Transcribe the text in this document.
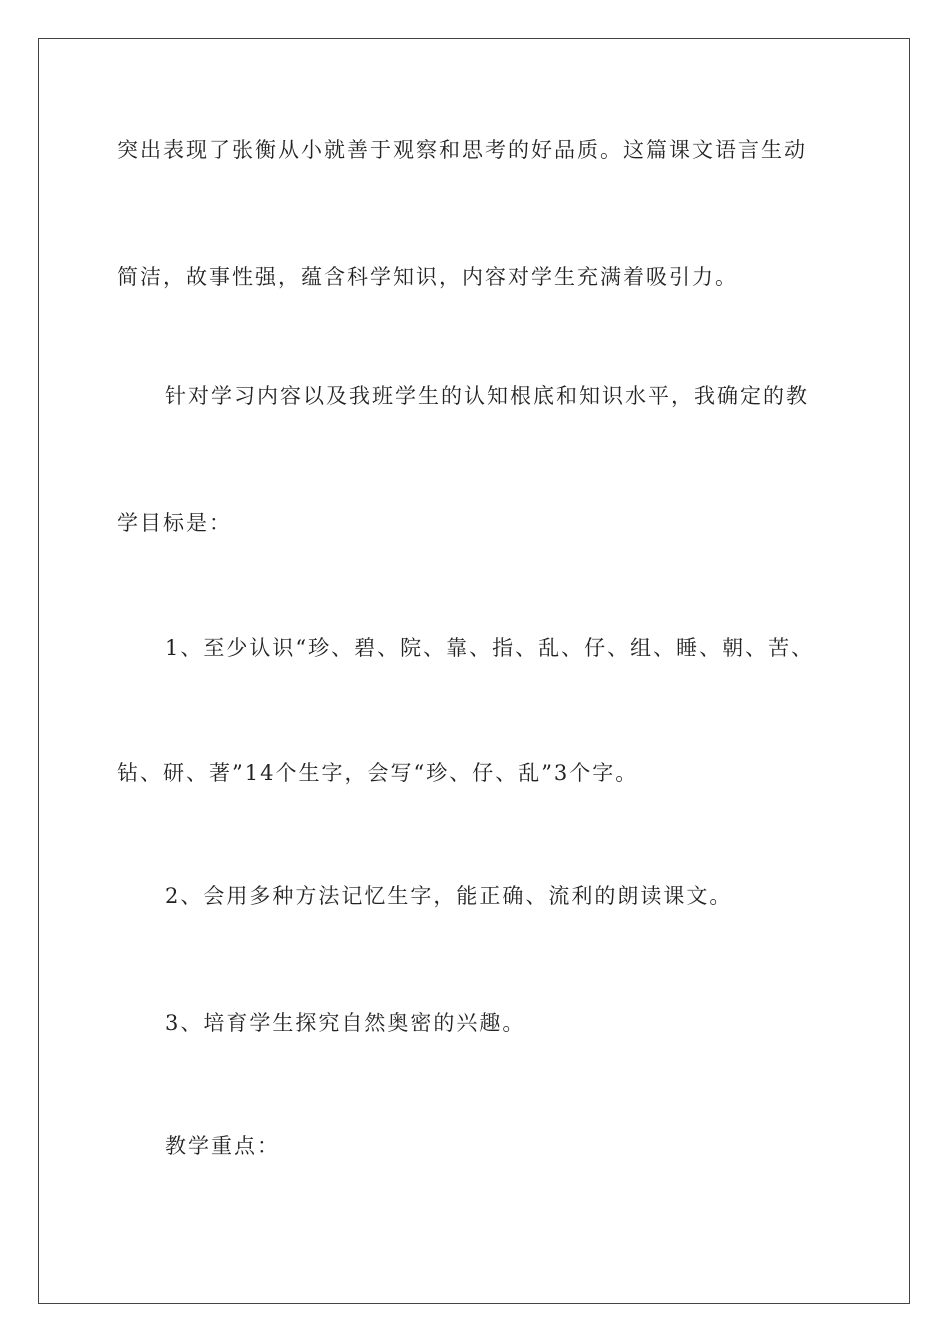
突出表现了张衡从小就善于观察和思考的好品质。这篇课文语言生动
简洁，故事性强，蕴含科学知识，内容对学生充满着吸引力。
针对学习内容以及我班学生的认知根底和知识水平，我确定的教
学目标是：
1、至少认识“珍、碧、院、靠、指、乱、仔、组、睡、朝、苦、
钻、研、著”14个生字，会写“珍、仔、乱”3个字。
2、会用多种方法记忆生字，能正确、流利的朗读课文。
3、培育学生探究自然奥密的兴趣。
教学重点：
